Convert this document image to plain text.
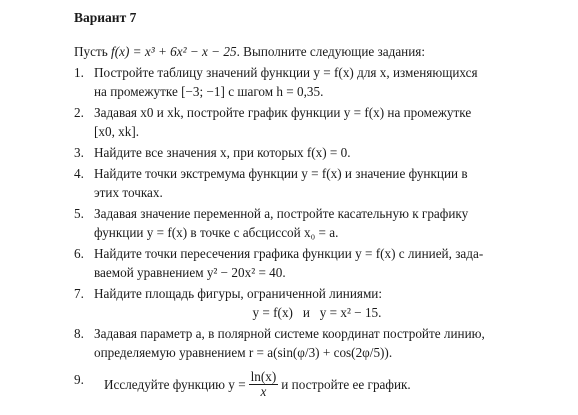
Вариант 7
Пусть f(x) = x³ + 6x² − x − 25. Выполните следующие задания:
1. Постройте таблицу значений функции y = f(x) для x, изменяющихся
на промежутке [−3; −1] с шагом h = 0,35.
2. Задавая x0 и xk, постройте график функции y = f(x) на промежутке
[x0, xk].
3. Найдите все значения x, при которых f(x) = 0.
4. Найдите точки экстремума функции y = f(x) и значение функции в
этих точках.
5. Задавая значение переменной a, постройте касательную к графику
функции y = f(x) в точке с абсциссой x₀ = a.
6. Найдите точки пересечения графика функции y = f(x) с линией, зада-
ваемой уравнением y² − 20x² = 40.
7. Найдите площадь фигуры, ограниченной линиями:
y = f(x)   и   y = x² − 15.
8. Задавая параметр a, в полярной системе координат постройте линию,
определяемую уравнением r = a(sin(φ/3) + cos(2φ/5)).
9.	Исследуйте функцию $y = \frac{\ln(x)}{x}$ и постройте ее график.
